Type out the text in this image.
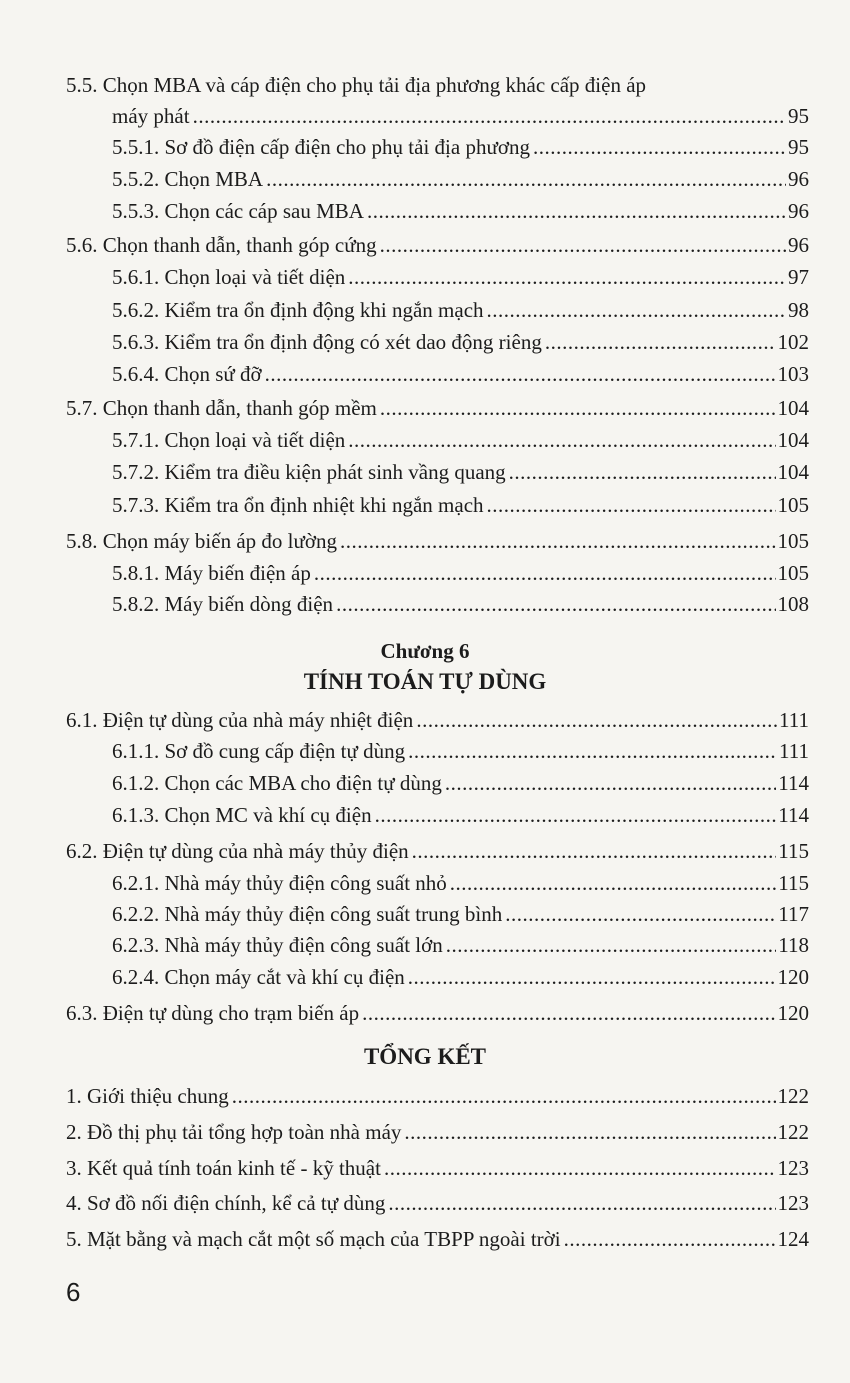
5.5. Chọn MBA và cáp điện cho phụ tải địa phương khác cấp điện áp
máy phát .....	95
5.5.1. Sơ đồ điện cấp điện cho phụ tải địa phương .....	95
5.5.2. Chọn MBA .....	96
5.5.3. Chọn các cáp sau MBA .....	96
5.6. Chọn thanh dẫn, thanh góp cứng .....	96
5.6.1. Chọn loại và tiết diện .....	97
5.6.2. Kiểm tra ổn định động khi ngắn mạch .....	98
5.6.3. Kiểm tra ổn định động có xét dao động riêng .....	102
5.6.4. Chọn sứ đỡ .....	103
5.7. Chọn thanh dẫn, thanh góp mềm .....	104
5.7.1. Chọn loại và tiết diện .....	104
5.7.2. Kiểm tra điều kiện phát sinh vầng quang .....	104
5.7.3. Kiểm tra ổn định nhiệt khi ngắn mạch .....	105
5.8. Chọn máy biến áp đo lường .....	105
5.8.1. Máy biến điện áp .....	105
5.8.2. Máy biến dòng điện .....	108
Chương 6
TÍNH TOÁN TỰ DÙNG
6.1. Điện tự dùng của nhà máy nhiệt điện .....	111
6.1.1. Sơ đồ cung cấp điện tự dùng .....	111
6.1.2. Chọn các MBA cho điện tự dùng .....	114
6.1.3. Chọn MC và khí cụ điện .....	114
6.2. Điện tự dùng của nhà máy thủy điện .....	115
6.2.1. Nhà máy thủy điện công suất nhỏ .....	115
6.2.2. Nhà máy thủy điện công suất trung bình .....	117
6.2.3. Nhà máy thủy điện công suất lớn .....	118
6.2.4. Chọn máy cắt và khí cụ điện .....	120
6.3. Điện tự dùng cho trạm biến áp .....	120
TỔNG KẾT
1. Giới thiệu chung .....	122
2. Đồ thị phụ tải tổng hợp toàn nhà máy .....	122
3. Kết quả tính toán kinh tế - kỹ thuật .....	123
4. Sơ đồ nối điện chính, kể cả tự dùng .....	123
5. Mặt bằng và mạch cắt một số mạch của TBPP ngoài trời .....	124
6
